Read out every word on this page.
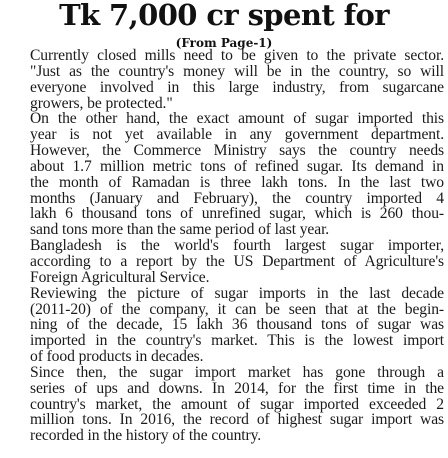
Tk 7,000 cr spent for
(From Page-1)
Currently closed mills need to be given to the private sector.
"Just as the country's money will be in the country, so will
everyone involved in this large industry, from sugarcane
growers, be protected."
On the other hand, the exact amount of sugar imported this
year is not yet available in any government department.
However, the Commerce Ministry says the country needs
about 1.7 million metric tons of refined sugar. Its demand in
the month of Ramadan is three lakh tons. In the last two
months (January and February), the country imported 4
lakh 6 thousand tons of unrefined sugar, which is 260 thou-
sand tons more than the same period of last year.
Bangladesh is the world's fourth largest sugar importer,
according to a report by the US Department of Agriculture's
Foreign Agricultural Service.
Reviewing the picture of sugar imports in the last decade
(2011-20) of the company, it can be seen that at the begin-
ning of the decade, 15 lakh 36 thousand tons of sugar was
imported in the country's market. This is the lowest import
of food products in decades.
Since then, the sugar import market has gone through a
series of ups and downs. In 2014, for the first time in the
country's market, the amount of sugar imported exceeded 2
million tons. In 2016, the record of highest sugar import was
recorded in the history of the country.
